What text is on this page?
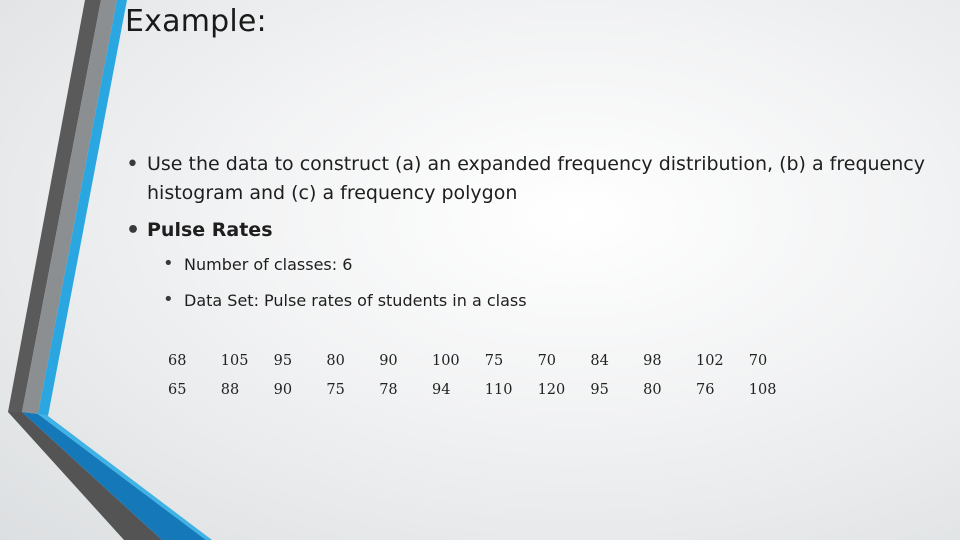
Example:
• Use the data to construct (a) an expanded frequency distribution, (b) a frequency histogram and (c) a frequency polygon
• Pulse Rates
• Number of classes: 6
• Data Set: Pulse rates of students in a class
68	105	95	80	90	100	75	70	84	98	102	70
65	88	90	75	78	94	110	120	95	80	76	108
